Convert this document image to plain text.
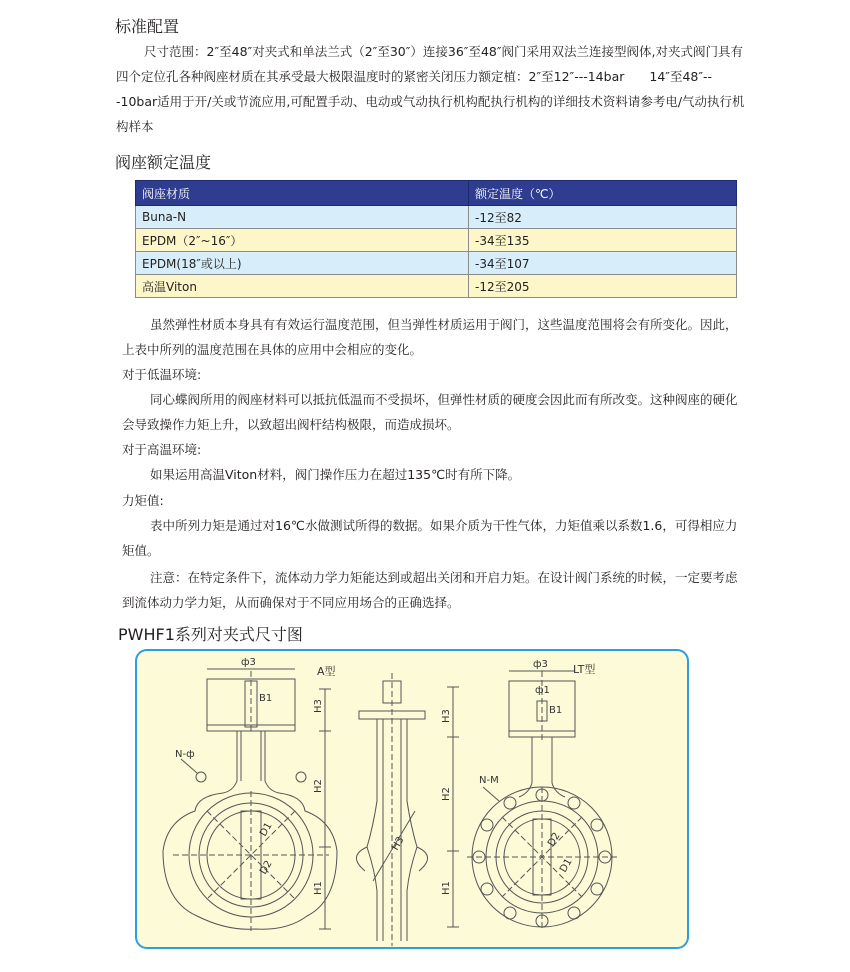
标准配置
尺寸范围：2″至48″对夹式和单法兰式（2″至30″）连接36″至48″阀门采用双法兰连接型阀体,对夹式阀门具有四个定位孔各种阀座材质在其承受最大极限温度时的紧密关闭压力额定植：2″至12″---14bar　　14″至48″---10bar适用于开/关或节流应用,可配置手动、电动或气动执行机构配执行机构的详细技术资料请参考电/气动执行机构样本
阀座额定温度
阀座材质	额定温度（℃）
Buna-N	-12至82
EPDM（2″~16″）	-34至135
EPDM(18″或以上)	-34至107
高温Viton	-12至205
虽然弹性材质本身具有有效运行温度范围，但当弹性材质运用于阀门，这些温度范围将会有所变化。因此，上表中所列的温度范围在具体的应用中会相应的变化。
对于低温环境:
同心蝶阀所用的阀座材料可以抵抗低温而不受损坏，但弹性材质的硬度会因此而有所改变。这种阀座的硬化会导致操作力矩上升，以致超出阀杆结构极限，而造成损坏。
对于高温环境:
如果运用高温Viton材料，阀门操作压力在超过135℃时有所下降。
力矩值:
表中所列力矩是通过对16℃水做测试所得的数据。如果介质为干性气体，力矩值乘以系数1.6，可得相应力矩值。
注意：在特定条件下，流体动力学力矩能达到或超出关闭和开启力矩。在设计阀门系统的时候，一定要考虑到流体动力学力矩，从而确保对于不同应用场合的正确选择。
PWHF1系列对夹式尺寸图
ф3
A型
B1
H3
H2
H1
N-ф
D1
D2
H3
ф3
ф1
LT型
B1
H3
H2
H1
N-M
D2
D1
